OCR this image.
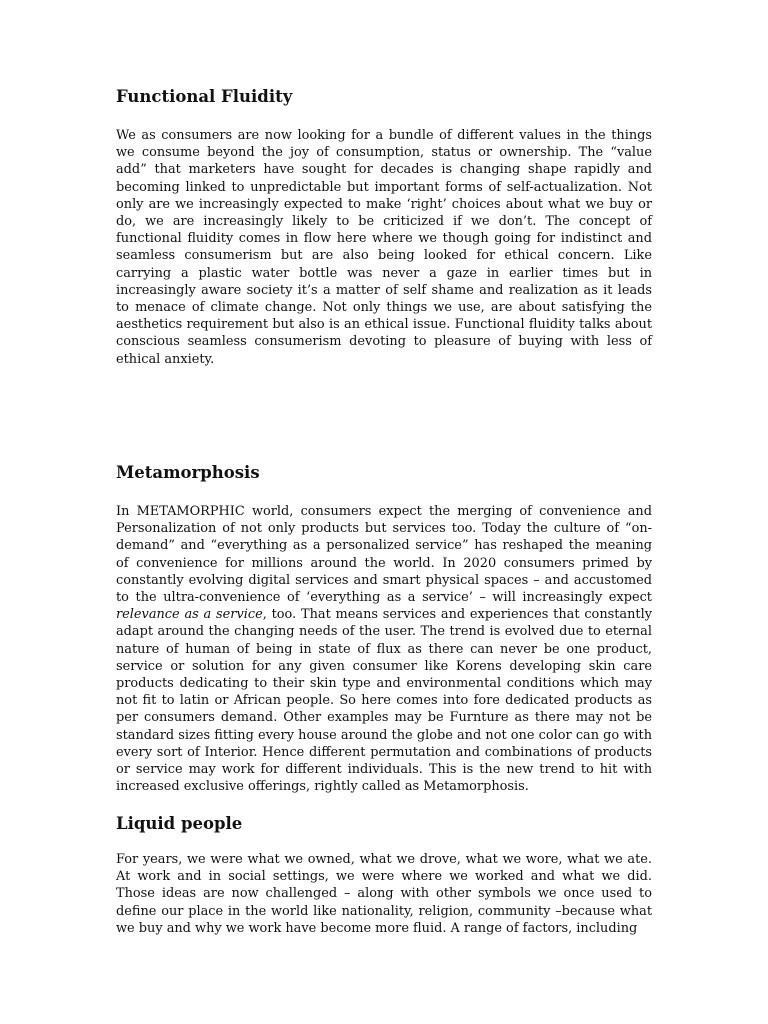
Functional Fluidity

We as consumers are now looking for a bundle of different values in the things we consume beyond the joy of consumption, status or ownership. The “value add” that marketers have sought for decades is changing shape rapidly and becoming linked to unpredictable but important forms of self-actualization. Not only are we increasingly expected to make ‘right’ choices about what we buy or do, we are increasingly likely to be criticized if we don’t. The concept of functional fluidity comes in flow here where we though going for indistinct and seamless consumerism but are also being looked for ethical concern. Like carrying a plastic water bottle was never a gaze in earlier times but in increasingly aware society it’s a matter of self shame and realization as it leads to menace of climate change. Not only things we use, are about satisfying the aesthetics requirement but also is an ethical issue. Functional fluidity talks about conscious seamless consumerism devoting to pleasure of buying with less of ethical anxiety.

Metamorphosis

In METAMORPHIC world, consumers expect the merging of convenience and Personalization of not only products but services too. Today the culture of “on-demand” and “everything as a personalized service” has reshaped the meaning of convenience for millions around the world. In 2020 consumers primed by constantly evolving digital services and smart physical spaces – and accustomed to the ultra-convenience of ‘everything as a service’ – will increasingly expect relevance as a service, too. That means services and experiences that constantly adapt around the changing needs of the user. The trend is evolved due to eternal nature of human of being in state of flux as there can never be one product, service or solution for any given consumer like Korens developing skin care products dedicating to their skin type and environmental conditions which may not fit to latin or African people. So here comes into fore dedicated products as per consumers demand. Other examples may be Furnture as there may not be standard sizes fitting every house around the globe and not one color can go with every sort of Interior. Hence different permutation and combinations of products or service may work for different individuals. This is the new trend to hit with increased exclusive offerings, rightly called as Metamorphosis.

Liquid people

For years, we were what we owned, what we drove, what we wore, what we ate. At work and in social settings, we were where we worked and what we did. Those ideas are now challenged – along with other symbols we once used to define our place in the world like nationality, religion, community –because what we buy and why we work have become more fluid. A range of factors, including
